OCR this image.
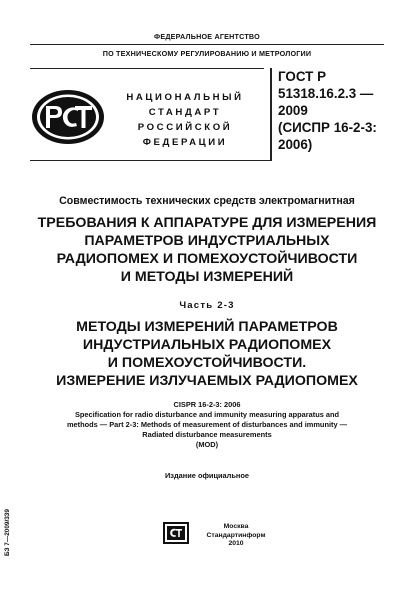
ФЕДЕРАЛЬНОЕ АГЕНТСТВО
ПО ТЕХНИЧЕСКОМУ РЕГУЛИРОВАНИЮ И МЕТРОЛОГИИ
НАЦИОНАЛЬНЫЙ
СТАНДАРТ
РОССИЙСКОЙ
ФЕДЕРАЦИИ
ГОСТ Р
51318.16.2.3 —
2009
(СИСПР 16-2-3:
2006)
Совместимость технических средств электромагнитная
ТРЕБОВАНИЯ К АППАРАТУРЕ ДЛЯ ИЗМЕРЕНИЯ
ПАРАМЕТРОВ ИНДУСТРИАЛЬНЫХ
РАДИОПОМЕХ И ПОМЕХОУСТОЙЧИВОСТИ
И МЕТОДЫ ИЗМЕРЕНИЙ
Часть 2-3
МЕТОДЫ ИЗМЕРЕНИЙ ПАРАМЕТРОВ
ИНДУСТРИАЛЬНЫХ РАДИОПОМЕХ
И ПОМЕХОУСТОЙЧИВОСТИ.
ИЗМЕРЕНИЕ ИЗЛУЧАЕМЫХ РАДИОПОМЕХ
CISPR 16-2-3: 2006
Specification for radio disturbance and immunity measuring apparatus and
methods — Part 2-3: Methods of measurement of disturbances and immunity —
Radiated disturbance measurements
(MOD)
Издание официальное
БЗ 7—2009/339	Москва
Стандартинформ
2010
